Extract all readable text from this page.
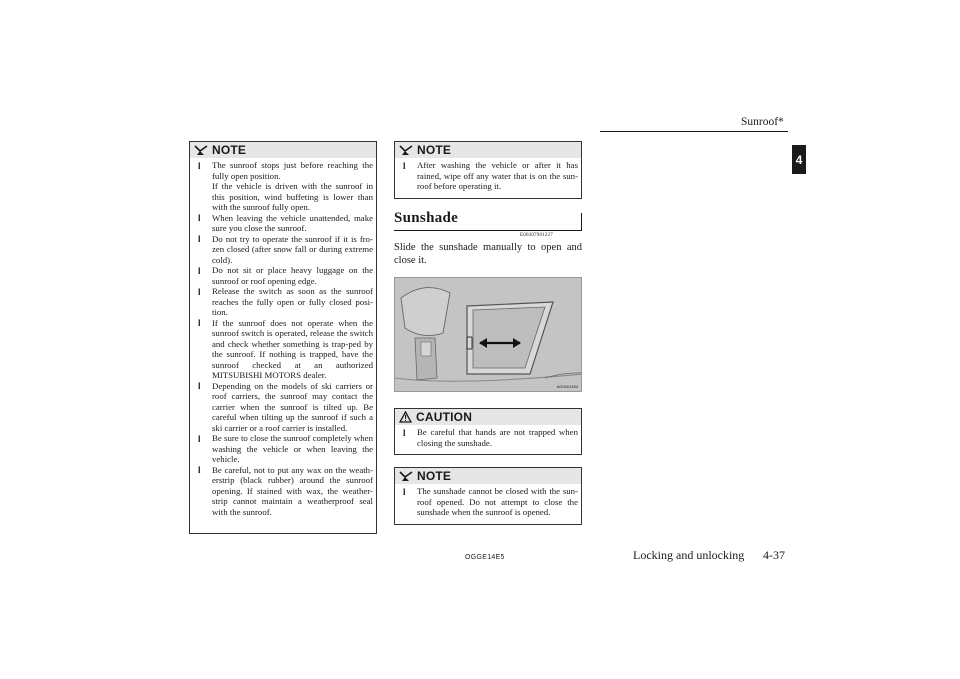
Sunroof*
4
NOTE
l The sunroof stops just before reaching the fully open position.
If the vehicle is driven with the sunroof in this position, wind buffeting is lower than with the sunroof fully open.
l When leaving the vehicle unattended, make sure you close the sunroof.
l Do not try to operate the sunroof if it is fro-zen closed (after snow fall or during extreme cold).
l Do not sit or place heavy luggage on the sunroof or roof opening edge.
l Release the switch as soon as the sunroof reaches the fully open or fully closed posi-tion.
l If the sunroof does not operate when the sunroof switch is operated, release the switch and check whether something is trap-ped by the sunroof. If nothing is trapped, have the sunroof checked at an authorized MITSUBISHI MOTORS dealer.
l Depending on the models of ski carriers or roof carriers, the sunroof may contact the carrier when the sunroof is tilted up. Be careful when tilting up the sunroof if such a ski carrier or a roof carrier is installed.
l Be sure to close the sunroof completely when washing the vehicle or when leaving the vehicle.
l Be careful, not to put any wax on the weath-erstrip (black rubber) around the sunroof opening. If stained with wax, the weather-strip cannot maintain a weatherproof seal with the sunroof.
NOTE
l After washing the vehicle or after it has rained, wipe off any water that is on the sun-roof before operating it.
Sunshade
E00307901227
Slide the sunshade manually to open and close it.
AG0001494
CAUTION
l Be careful that hands are not trapped when closing the sunshade.
NOTE
l The sunshade cannot be closed with the sun-roof opened. Do not attempt to close the sunshade when the sunroof is opened.
OGGE14E5	Locking and unlocking 4-37
